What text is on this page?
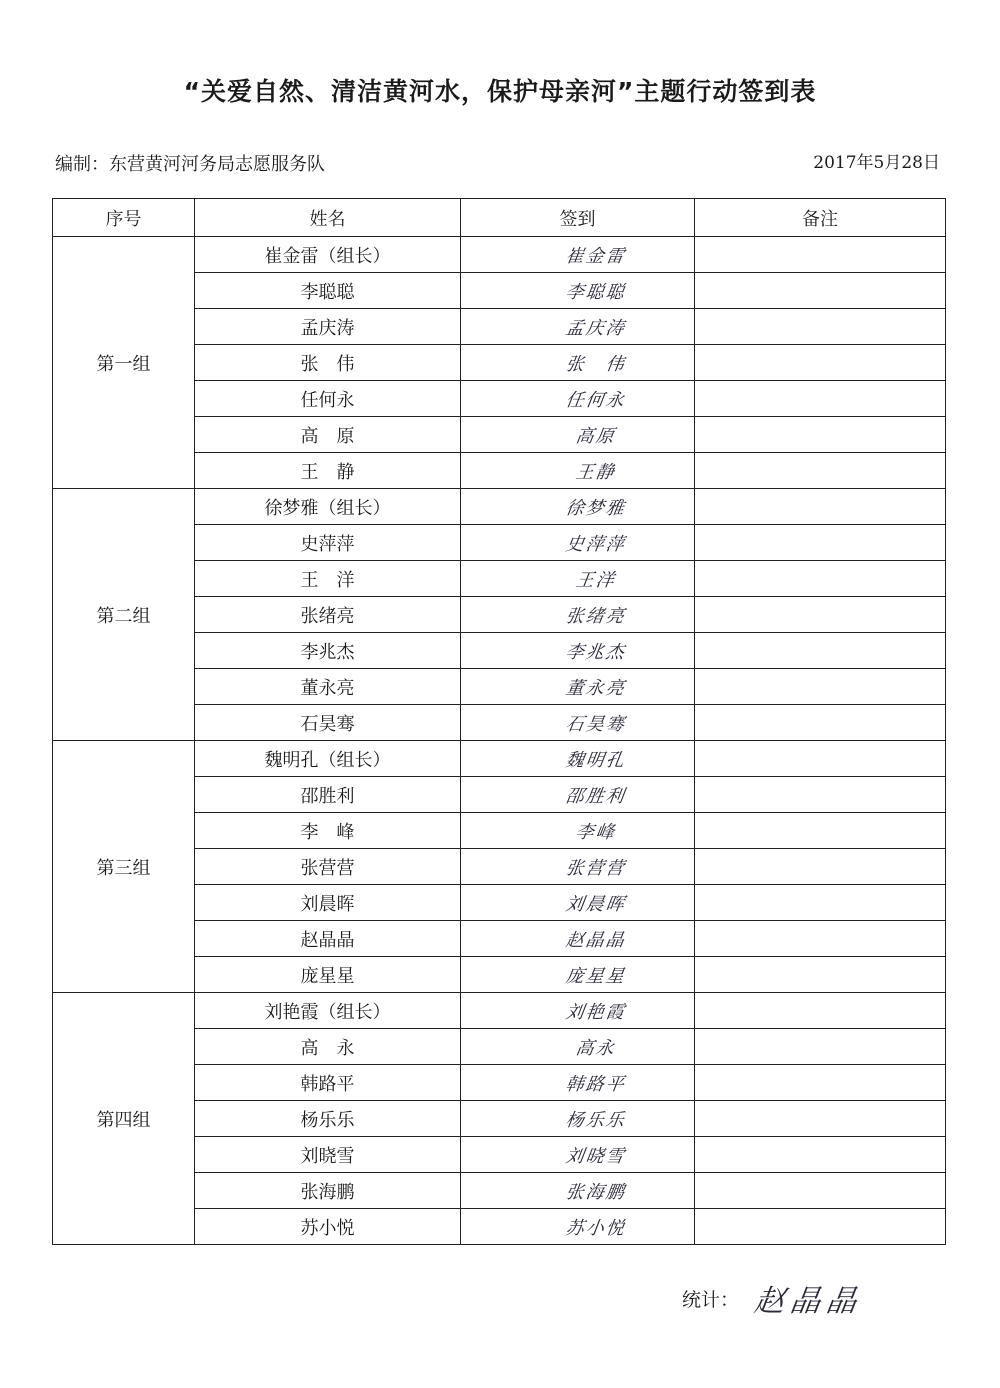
“关爱自然、清洁黄河水，保护母亲河”主题行动签到表
编制：东营黄河河务局志愿服务队	2017年5月28日
序号	姓名	签到	备注
第一组	崔金雷（组长）	崔金雷	
	李聪聪	李聪聪	
	孟庆涛	孟庆涛	
	张　伟	张　伟	
	任何永	任何永	
	高　原	高原	
	王　静	王静	
第二组	徐梦雅（组长）	徐梦雅	
	史萍萍	史萍萍	
	王　洋	王洋	
	张绪亮	张绪亮	
	李兆杰	李兆杰	
	董永亮	董永亮	
	石昊骞	石昊骞	
第三组	魏明孔（组长）	魏明孔	
	邵胜利	邵胜利	
	李　峰	李峰	
	张营营	张营营	
	刘晨晖	刘晨晖	
	赵晶晶	赵晶晶	
	庞星星	庞星星	
第四组	刘艳霞（组长）	刘艳霞	
	高　永	高永	
	韩路平	韩路平	
	杨乐乐	杨乐乐	
	刘晓雪	刘晓雪	
	张海鹏	张海鹏	
	苏小悦	苏小悦	
统计： 赵晶晶
